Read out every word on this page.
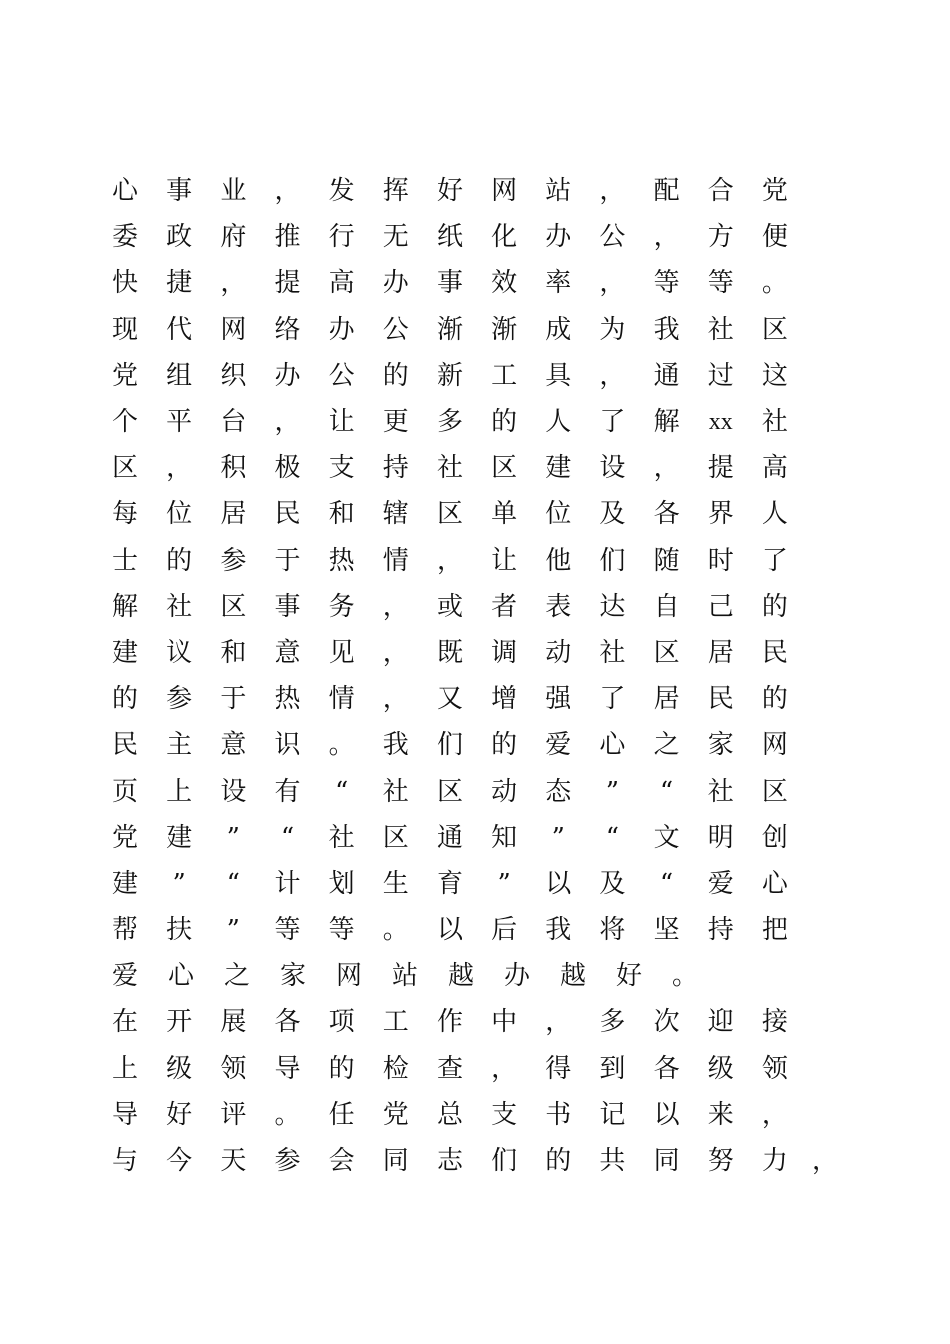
心 事 业 ， 发 挥 好 网 站 ， 配 合 党
委 政 府 推 行 无 纸 化 办 公 ， 方 便
快 捷 ， 提 高 办 事 效 率 ， 等 等 。
现 代 网 络 办 公 渐 渐 成 为 我 社 区
党 组 织 办 公 的 新 工 具 ， 通 过 这
个 平 台 ， 让 更 多 的 人 了 解 xx 社
区 ， 积 极 支 持 社 区 建 设 ， 提 高
每 位 居 民 和 辖 区 单 位 及 各 界 人
士 的 参 于 热 情 ， 让 他 们 随 时 了
解 社 区 事 务 ， 或 者 表 达 自 己 的
建 议 和 意 见 ， 既 调 动 社 区 居 民
的 参 于 热 情 ， 又 增 强 了 居 民 的
民 主 意 识 。 我 们 的 爱 心 之 家 网
页 上 设 有 “ 社 区 动 态 ” “ 社 区
党 建 ” “ 社 区 通 知 ” “ 文 明 创
建 ” “ 计 划 生 育 ” 以 及 “ 爱 心
帮 扶 ” 等 等 。 以 后 我 将 坚 持 把
爱 心 之 家 网 站 越 办 越 好 。
在 开 展 各 项 工 作 中 ， 多 次 迎 接
上 级 领 导 的 检 查 ， 得 到 各 级 领
导 好 评 。 任 党 总 支 书 记 以 来 ，
与 今 天 参 会 同 志 们 的 共 同 努 力 ，
